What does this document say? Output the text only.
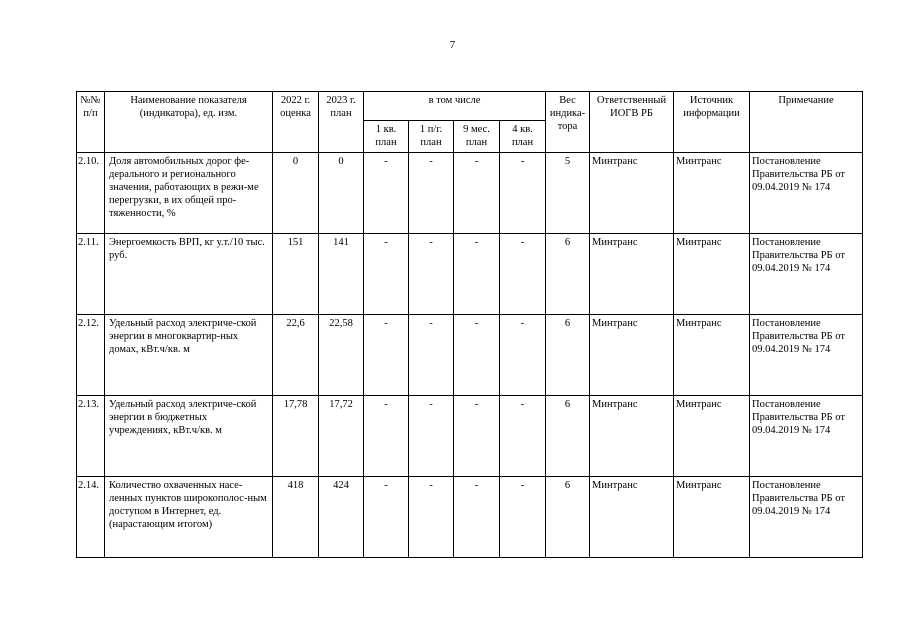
7
№№ п/п	Наименование показателя (индикатора), ед. изм.	2022 г. оценка	2023 г. план	в том числе				Вес индика-тора	Ответственный ИОГВ РБ	Источник информации	Примечание
				1 кв. план	1 п/г. план	9 мес. план	4 кв. план				
2.10.	Доля автомобильных дорог фе-дерального и регионального значения, работающих в режи-ме перегрузки, в их общей про-тяженности, %	0	0	-	-	-	-	5	Минтранс	Минтранс	Постановление Правительства РБ от 09.04.2019 № 174
2.11.	Энергоемкость ВРП, кг у.т./10 тыс. руб.	151	141	-	-	-	-	6	Минтранс	Минтранс	Постановление Правительства РБ от 09.04.2019 № 174
2.12.	Удельный расход электриче-ской энергии в многоквартир-ных домах, кВт.ч/кв. м	22,6	22,58	-	-	-	-	6	Минтранс	Минтранс	Постановление Правительства РБ от 09.04.2019 № 174
2.13.	Удельный расход электриче-ской энергии в бюджетных учреждениях, кВт.ч/кв. м	17,78	17,72	-	-	-	-	6	Минтранс	Минтранс	Постановление Правительства РБ от 09.04.2019 № 174
2.14.	Количество охваченных насе-ленных пунктов широкополос-ным доступом в Интернет, ед. (нарастающим итогом)	418	424	-	-	-	-	6	Минтранс	Минтранс	Постановление Правительства РБ от 09.04.2019 № 174
